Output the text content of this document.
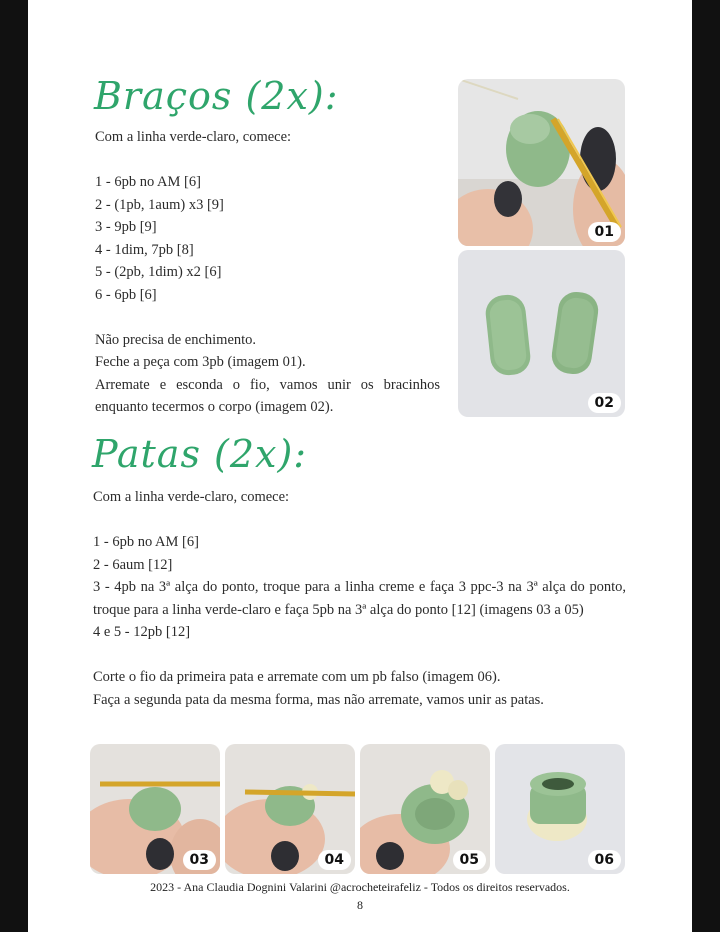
Braços (2x):

Com a linha verde-claro, comece:

1 - 6pb no AM [6]

2 - (1pb, 1aum) x3 [9]

3 - 9pb [9]

4 - 1dim, 7pb [8]

5 - (2pb, 1dim) x2 [6]

6 - 6pb [6]

Não precisa de enchimento.

Feche a peça com 3pb (imagem 01).

Arremate e esconda o fio, vamos unir os bracinhos enquanto tecermos o corpo (imagem 02).

01
02
Patas (2x):

Com a linha verde-claro, comece:

1 - 6pb no AM [6]

2 - 6aum [12]

3 - 4pb na 3ª alça do ponto, troque para a linha creme e faça 3 ppc-3 na 3ª alça do ponto, troque para a linha verde-claro e faça 5pb na 3ª alça do ponto [12] (imagens 03 a 05)

4 e 5 - 12pb [12]

Corte o fio da primeira pata e arremate com um pb falso (imagem 06).

Faça a segunda pata da mesma forma, mas não arremate, vamos unir as patas.

03	04	05	06
2023 - Ana Claudia Dognini Valarini @acrocheteirafeliz - Todos os direitos reservados.
8
